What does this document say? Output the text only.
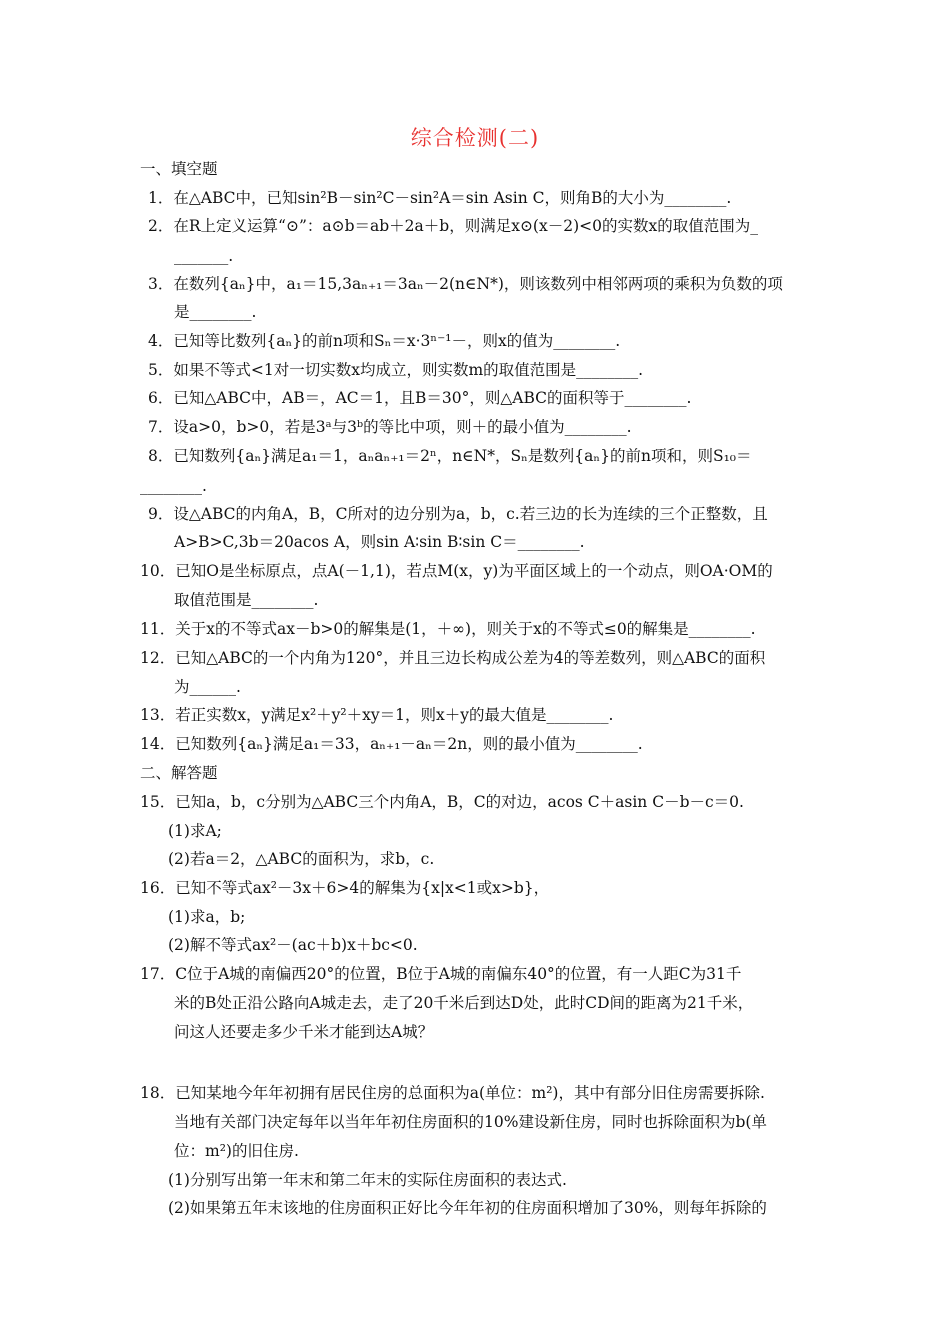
综合检测(二)
一、填空题
1．在△ABC中，已知sin²B－sin²C－sin²A＝sin Asin C，则角B的大小为________.
2．在R上定义运算“⊙”：a⊙b＝ab＋2a＋b，则满足x⊙(x－2)<0的实数x的取值范围为_
_______.
3．在数列{aₙ}中，a₁＝15,3aₙ₊₁＝3aₙ－2(n∈N*)，则该数列中相邻两项的乘积为负数的项
是________.
4．已知等比数列{aₙ}的前n项和Sₙ＝x·3ⁿ⁻¹－，则x的值为________.
5．如果不等式<1对一切实数x均成立，则实数m的取值范围是________.
6．已知△ABC中，AB＝，AC＝1，且B＝30°，则△ABC的面积等于________.
7．设a>0，b>0，若是3ᵃ与3ᵇ的等比中项，则＋的最小值为________.
8．已知数列{aₙ}满足a₁＝1，aₙaₙ₊₁＝2ⁿ，n∈N*，Sₙ是数列{aₙ}的前n项和，则S₁₀＝
________.
9．设△ABC的内角A，B，C所对的边分别为a，b，c.若三边的长为连续的三个正整数，且
A>B>C,3b＝20acos A，则sin A∶sin B∶sin C＝________.
10．已知O是坐标原点，点A(－1,1)，若点M(x，y)为平面区域上的一个动点，则OA·OM的
取值范围是________.
11．关于x的不等式ax－b>0的解集是(1，＋∞)，则关于x的不等式≤0的解集是________.
12．已知△ABC的一个内角为120°，并且三边长构成公差为4的等差数列，则△ABC的面积
为______.
13．若正实数x，y满足x²＋y²＋xy＝1，则x＋y的最大值是________.
14．已知数列{aₙ}满足a₁＝33，aₙ₊₁－aₙ＝2n，则的最小值为________.
二、解答题
15．已知a，b，c分别为△ABC三个内角A，B，C的对边，acos C＋asin C－b－c＝0.
(1)求A;
(2)若a＝2，△ABC的面积为，求b，c.
16．已知不等式ax²－3x＋6>4的解集为{x|x<1或x>b}，
(1)求a，b;
(2)解不等式ax²－(ac＋b)x＋bc<0.
17．C位于A城的南偏西20°的位置，B位于A城的南偏东40°的位置，有一人距C为31千
米的B处正沿公路向A城走去，走了20千米后到达D处，此时CD间的距离为21千米，
问这人还要走多少千米才能到达A城？
18．已知某地今年年初拥有居民住房的总面积为a(单位：m²)，其中有部分旧住房需要拆除.
当地有关部门决定每年以当年年初住房面积的10%建设新住房，同时也拆除面积为b(单
位：m²)的旧住房.
(1)分别写出第一年末和第二年末的实际住房面积的表达式.
(2)如果第五年末该地的住房面积正好比今年年初的住房面积增加了30%，则每年拆除的
